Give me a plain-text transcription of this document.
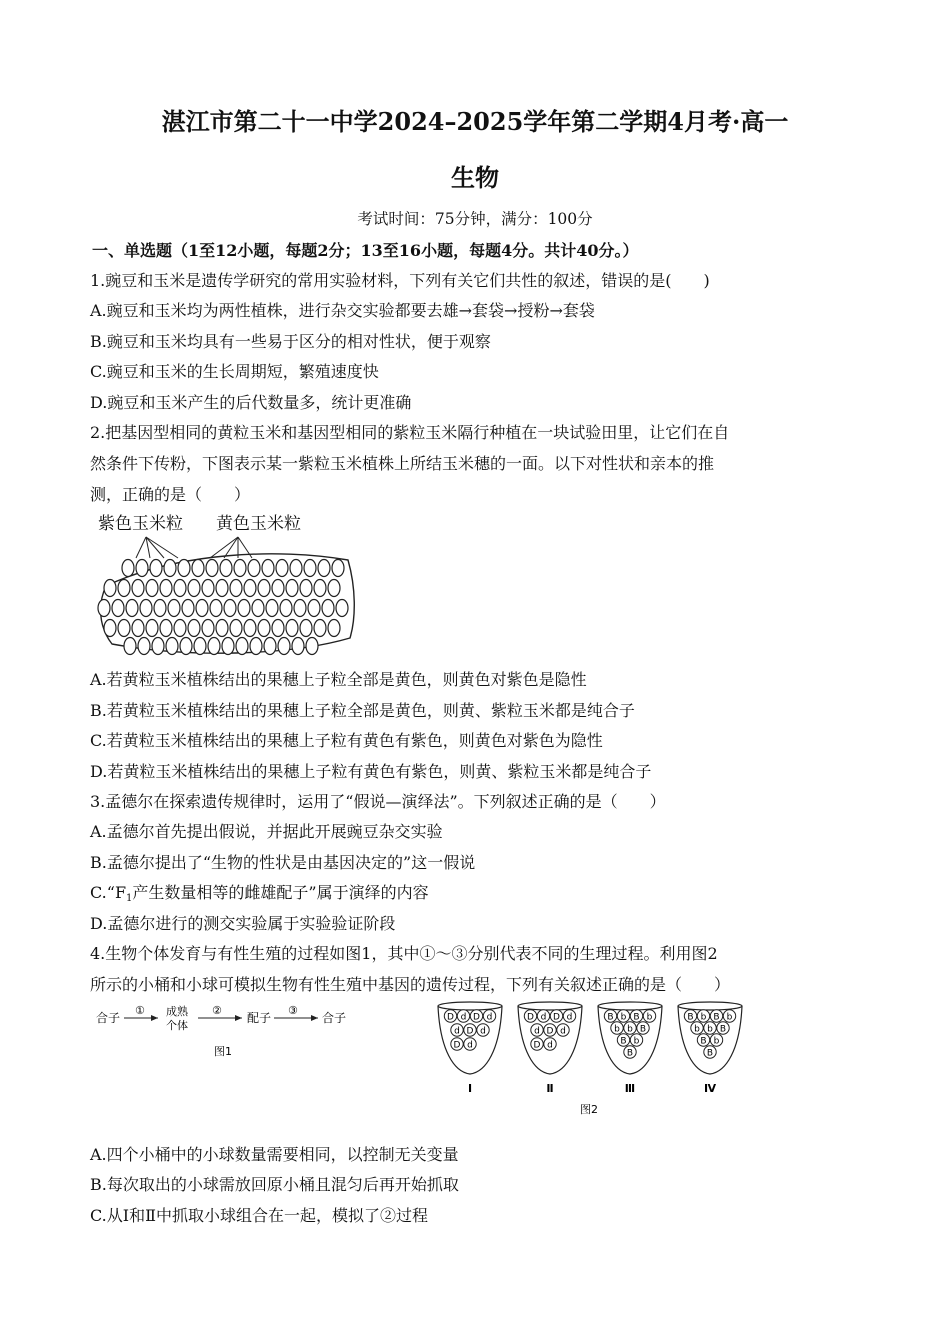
湛江市第二十一中学2024–2025学年第二学期4月考·高一
生物
考试时间：75分钟，满分：100分
一、单选题（1至12小题，每题2分；13至16小题，每题4分。共计40分。）
1.豌豆和玉米是遗传学研究的常用实验材料，下列有关它们共性的叙述，错误的是(　　)
A.豌豆和玉米均为两性植株，进行杂交实验都要去雄→套袋→授粉→套袋
B.豌豆和玉米均具有一些易于区分的相对性状，便于观察
C.豌豆和玉米的生长周期短，繁殖速度快
D.豌豆和玉米产生的后代数量多，统计更准确
2.把基因型相同的黄粒玉米和基因型相同的紫粒玉米隔行种植在一块试验田里，让它们在自
然条件下传粉，下图表示某一紫粒玉米植株上所结玉米穗的一面。以下对性状和亲本的推
测，正确的是（　　）
紫色玉米粒 黄色玉米粒
A.若黄粒玉米植株结出的果穗上子粒全部是黄色，则黄色对紫色是隐性
B.若黄粒玉米植株结出的果穗上子粒全部是黄色，则黄、紫粒玉米都是纯合子
C.若黄粒玉米植株结出的果穗上子粒有黄色有紫色，则黄色对紫色为隐性
D.若黄粒玉米植株结出的果穗上子粒有黄色有紫色，则黄、紫粒玉米都是纯合子
3.孟德尔在探索遗传规律时，运用了“假说—演绎法”。下列叙述正确的是（　　）
A.孟德尔首先提出假说，并据此开展豌豆杂交实验
B.孟德尔提出了“生物的性状是由基因决定的”这一假说
$C.“F_1$产生数量相等的雌雄配子”属于演绎的内容
D.孟德尔进行的测交实验属于实验验证阶段
4.生物个体发育与有性生殖的过程如图1，其中①～③分别代表不同的生理过程。利用图2
所示的小桶和小球可模拟生物有性生殖中基因的遗传过程，下列有关叙述正确的是（　　）
合子
① 成熟
个体
②
配子
③
合子
图1
D d D d
d D d
D d
Ⅰ
D d D d
d D d
D d
Ⅱ
B b B b
b b B
B b
B
Ⅲ
B b B b
b b B
B b
B
Ⅳ
图2
A.四个小桶中的小球数量需要相同，以控制无关变量
B.每次取出的小球需放回原小桶且混匀后再开始抓取
C.从Ⅰ和Ⅱ中抓取小球组合在一起，模拟了②过程
